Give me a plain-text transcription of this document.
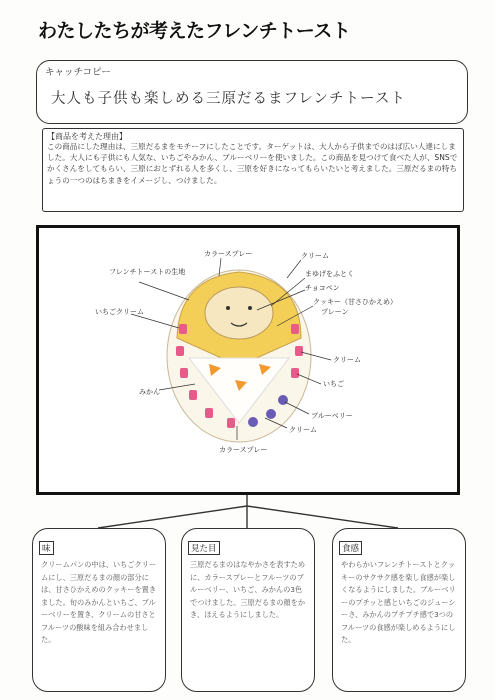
わたしたちが考えたフレンチトースト
キャッチコピー
大人も子供も楽しめる三原だるまフレンチトースト
【商品を考えた理由】
この商品にした理由は、三原だるまをモチーフにしたことです。ターゲットは、大人から子供までのはば広い人達にしました。大人にも子供にも人気な、いちごやみかん、ブルーベリーを使いました。この商品を見つけて食べた人が、SNSでかくさんをしてもらい、三原におとずれる人を多くし、三原を好きになってもらいたいと考えました。三原だるまの特ちょうの一つのはちまきをイメージし、つけました。
カラースプレー
フレンチトーストの生地
クリーム
まゆげをふとく
チョコペン
クッキー（甘さひかえめ）
プレーン
いちごクリーム
クリーム
いちご
みかん
ブルーベリー
クリーム
カラースプレー
味
クリームパンの中は、いちごクリームにし、三原だるまの顔の部分には、甘さひかえめのクッキーを置きました。旬のみかんといちご、ブルーベリーを置き、クリームの甘さとフルーツの酸味を組み合わせました。
見た目
三原だるまのはなやかさを表すために、カラースプレーとフルーツのブルーベリー、いちご、みかんの3色でつけました。三原だるまの顔をかき、ほえるようにしました。
食感
やわらかいフレンチトーストとクッキーのサクサク感を楽し食感が楽しくなるようにしました。ブルーベリーのプチッと感といちごのジューシーさ、みかんのプチプチ感で3つのフルーツの食感が楽しめるようにした。
